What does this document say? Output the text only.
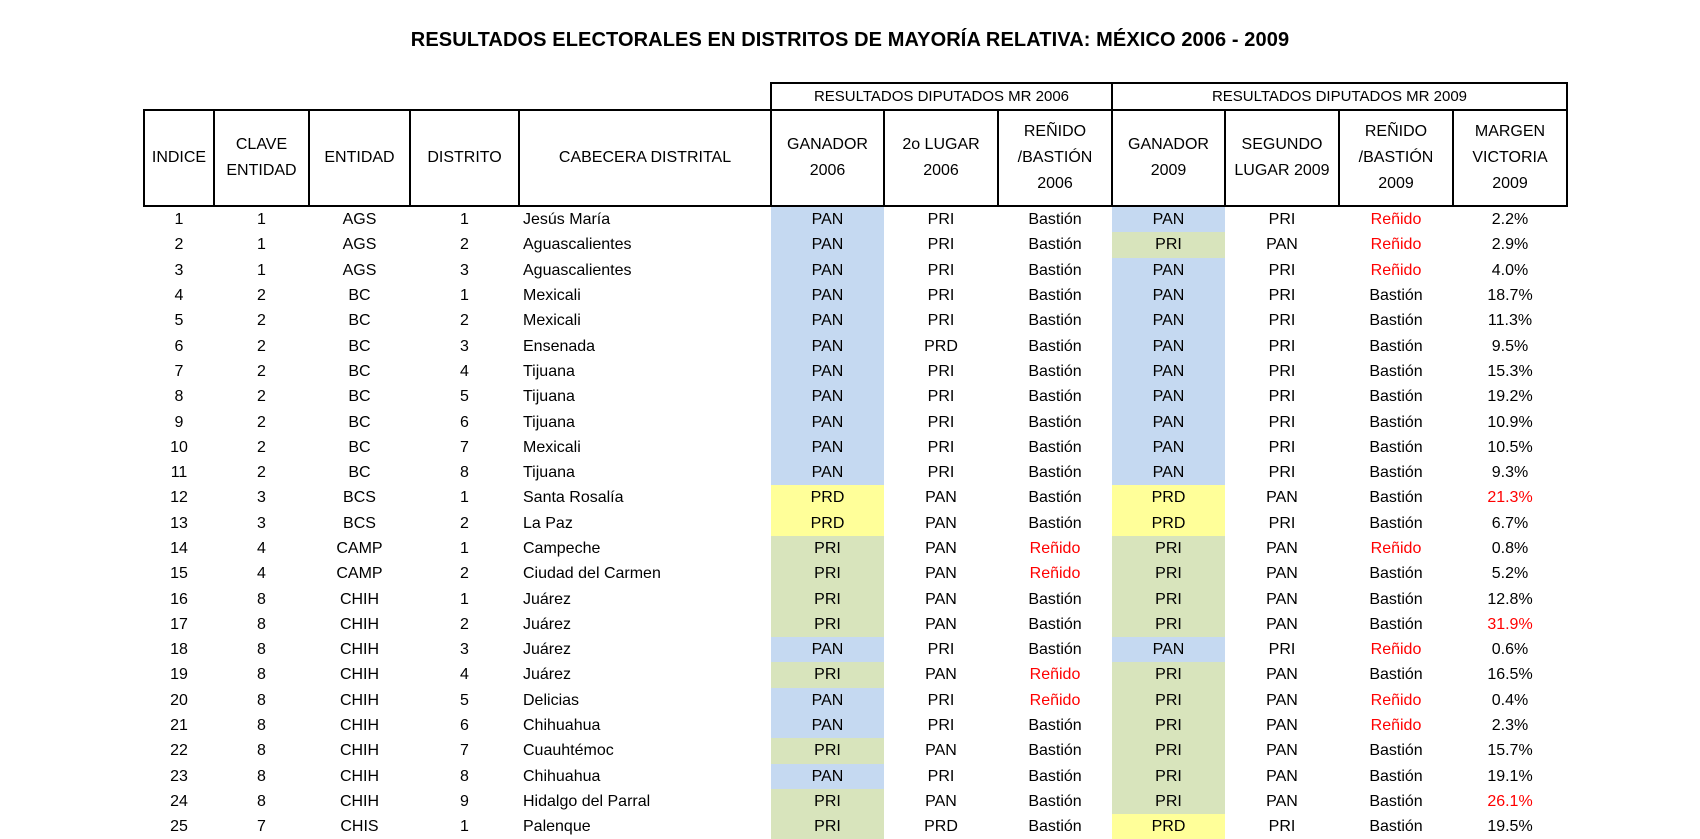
RESULTADOS ELECTORALES EN DISTRITOS DE MAYORÍA RELATIVA: MÉXICO 2006 - 2009
					RESULTADOS DIPUTADOS MR 2006			RESULTADOS DIPUTADOS MR 2009			
INDICE	CLAVE ENTIDAD	ENTIDAD	DISTRITO	CABECERA DISTRITAL	GANADOR 2006	2o LUGAR 2006	REÑIDO /BASTIÓN 2006	GANADOR 2009	SEGUNDO LUGAR 2009	REÑIDO /BASTIÓN 2009	MARGEN VICTORIA 2009
1	1	AGS	1	Jesús María	PAN	PRI	Bastión	PAN	PRI	Reñido	2.2%
2	1	AGS	2	Aguascalientes	PAN	PRI	Bastión	PRI	PAN	Reñido	2.9%
3	1	AGS	3	Aguascalientes	PAN	PRI	Bastión	PAN	PRI	Reñido	4.0%
4	2	BC	1	Mexicali	PAN	PRI	Bastión	PAN	PRI	Bastión	18.7%
5	2	BC	2	Mexicali	PAN	PRI	Bastión	PAN	PRI	Bastión	11.3%
6	2	BC	3	Ensenada	PAN	PRD	Bastión	PAN	PRI	Bastión	9.5%
7	2	BC	4	Tijuana	PAN	PRI	Bastión	PAN	PRI	Bastión	15.3%
8	2	BC	5	Tijuana	PAN	PRI	Bastión	PAN	PRI	Bastión	19.2%
9	2	BC	6	Tijuana	PAN	PRI	Bastión	PAN	PRI	Bastión	10.9%
10	2	BC	7	Mexicali	PAN	PRI	Bastión	PAN	PRI	Bastión	10.5%
11	2	BC	8	Tijuana	PAN	PRI	Bastión	PAN	PRI	Bastión	9.3%
12	3	BCS	1	Santa Rosalía	PRD	PAN	Bastión	PRD	PAN	Bastión	21.3%
13	3	BCS	2	La Paz	PRD	PAN	Bastión	PRD	PRI	Bastión	6.7%
14	4	CAMP	1	Campeche	PRI	PAN	Reñido	PRI	PAN	Reñido	0.8%
15	4	CAMP	2	Ciudad del Carmen	PRI	PAN	Reñido	PRI	PAN	Bastión	5.2%
16	8	CHIH	1	Juárez	PRI	PAN	Bastión	PRI	PAN	Bastión	12.8%
17	8	CHIH	2	Juárez	PRI	PAN	Bastión	PRI	PAN	Bastión	31.9%
18	8	CHIH	3	Juárez	PAN	PRI	Bastión	PAN	PRI	Reñido	0.6%
19	8	CHIH	4	Juárez	PRI	PAN	Reñido	PRI	PAN	Bastión	16.5%
20	8	CHIH	5	Delicias	PAN	PRI	Reñido	PRI	PAN	Reñido	0.4%
21	8	CHIH	6	Chihuahua	PAN	PRI	Bastión	PRI	PAN	Reñido	2.3%
22	8	CHIH	7	Cuauhtémoc	PRI	PAN	Bastión	PRI	PAN	Bastión	15.7%
23	8	CHIH	8	Chihuahua	PAN	PRI	Bastión	PRI	PAN	Bastión	19.1%
24	8	CHIH	9	Hidalgo del Parral	PRI	PAN	Bastión	PRI	PAN	Bastión	26.1%
25	7	CHIS	1	Palenque	PRI	PRD	Bastión	PRD	PRI	Bastión	19.5%
